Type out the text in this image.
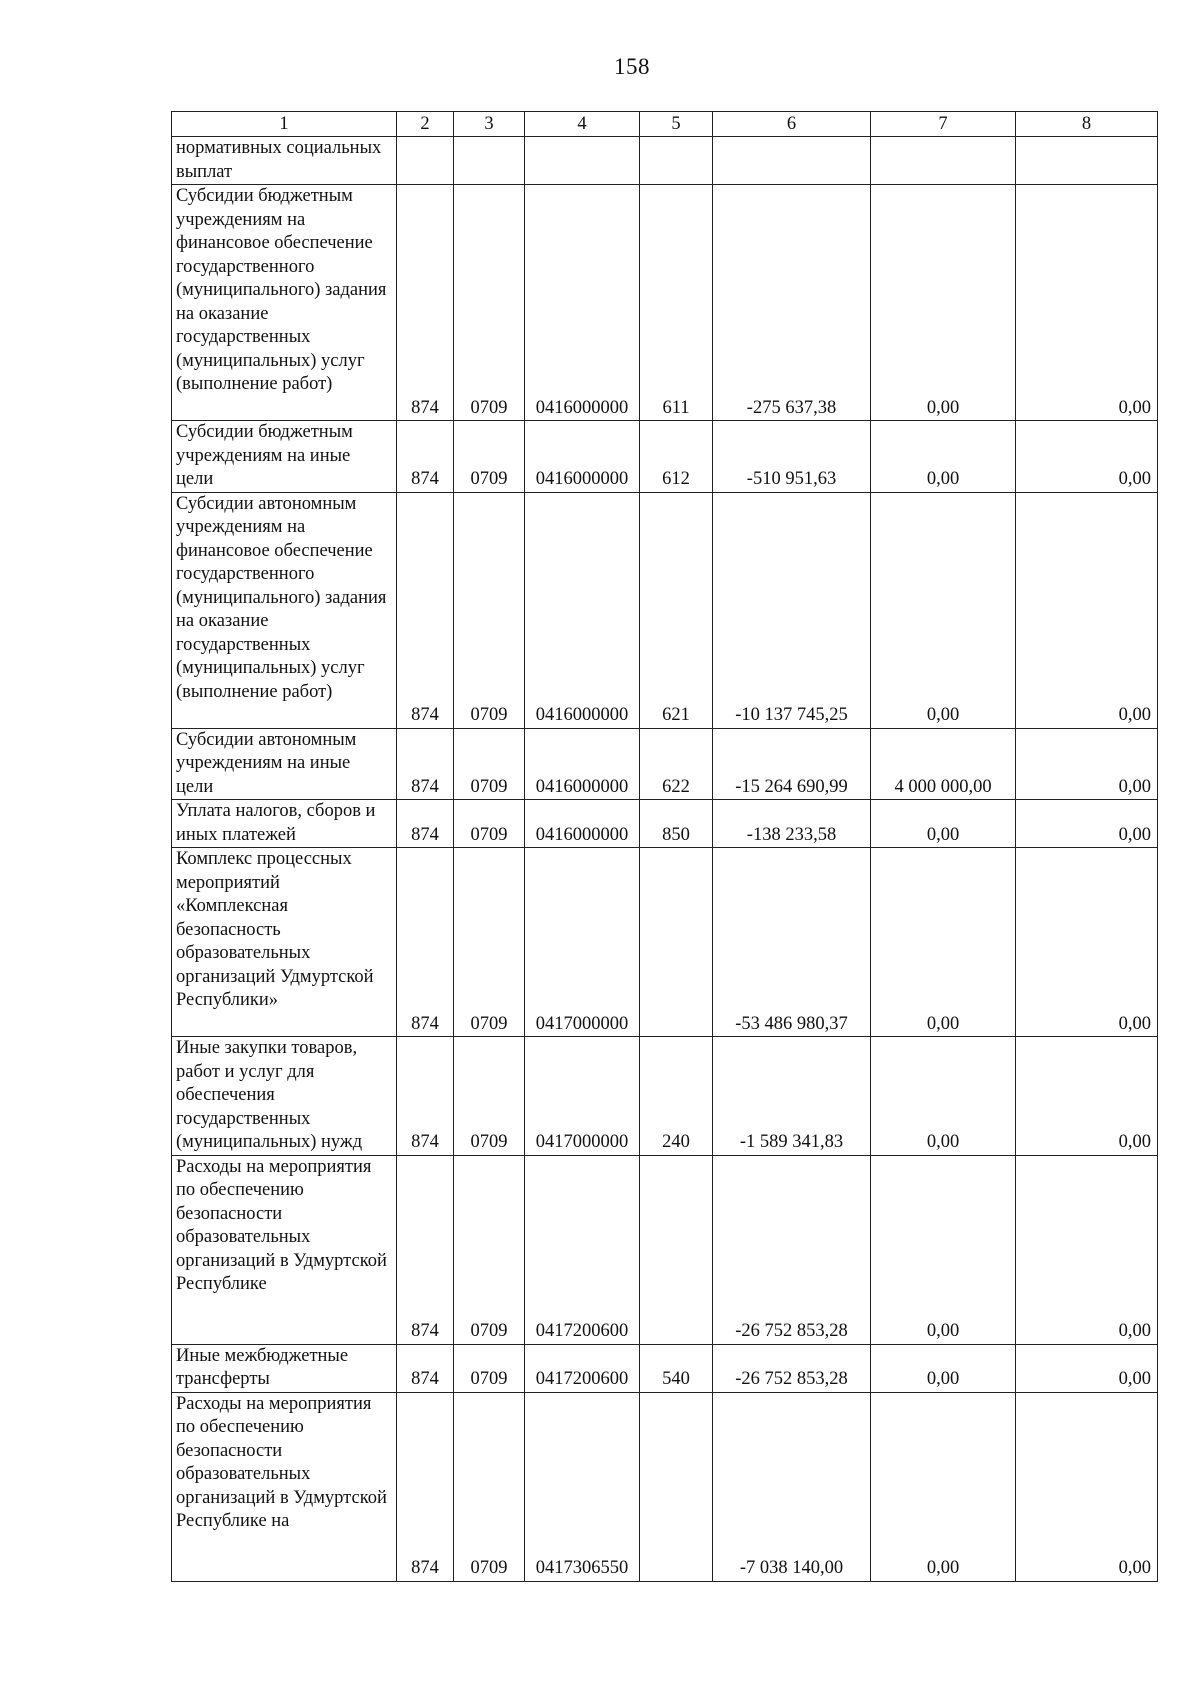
158
1	2	3	4	5	6	7	8

нормативных социальных выплат							

Субсидии бюджетным учреждениям на финансовое обеспечение государственного (муниципального) задания на оказание государственных (муниципальных) услуг (выполнение работ)	874	0709	0416000000	611	-275 637,38	0,00	0,00

Субсидии бюджетным учреждениям на иные цели	874	0709	0416000000	612	-510 951,63	0,00	0,00

Субсидии автономным учреждениям на финансовое обеспечение государственного (муниципального) задания на оказание государственных (муниципальных) услуг (выполнение работ)	874	0709	0416000000	621	-10 137 745,25	0,00	0,00

Субсидии автономным учреждениям на иные цели	874	0709	0416000000	622	-15 264 690,99	4 000 000,00	0,00

Уплата налогов, сборов и иных платежей	874	0709	0416000000	850	-138 233,58	0,00	0,00

Комплекс процессных мероприятий «Комплексная безопасность образовательных организаций Удмуртской Республики»	874	0709	0417000000		-53 486 980,37	0,00	0,00

Иные закупки товаров, работ и услуг для обеспечения государственных (муниципальных) нужд	874	0709	0417000000	240	-1 589 341,83	0,00	0,00

Расходы на мероприятия по обеспечению безопасности образовательных организаций в Удмуртской Республике	874	0709	0417200600		-26 752 853,28	0,00	0,00

Иные межбюджетные трансферты	874	0709	0417200600	540	-26 752 853,28	0,00	0,00

Расходы на мероприятия по обеспечению безопасности образовательных организаций в Удмуртской Республике на	874	0709	0417306550		-7 038 140,00	0,00	0,00
